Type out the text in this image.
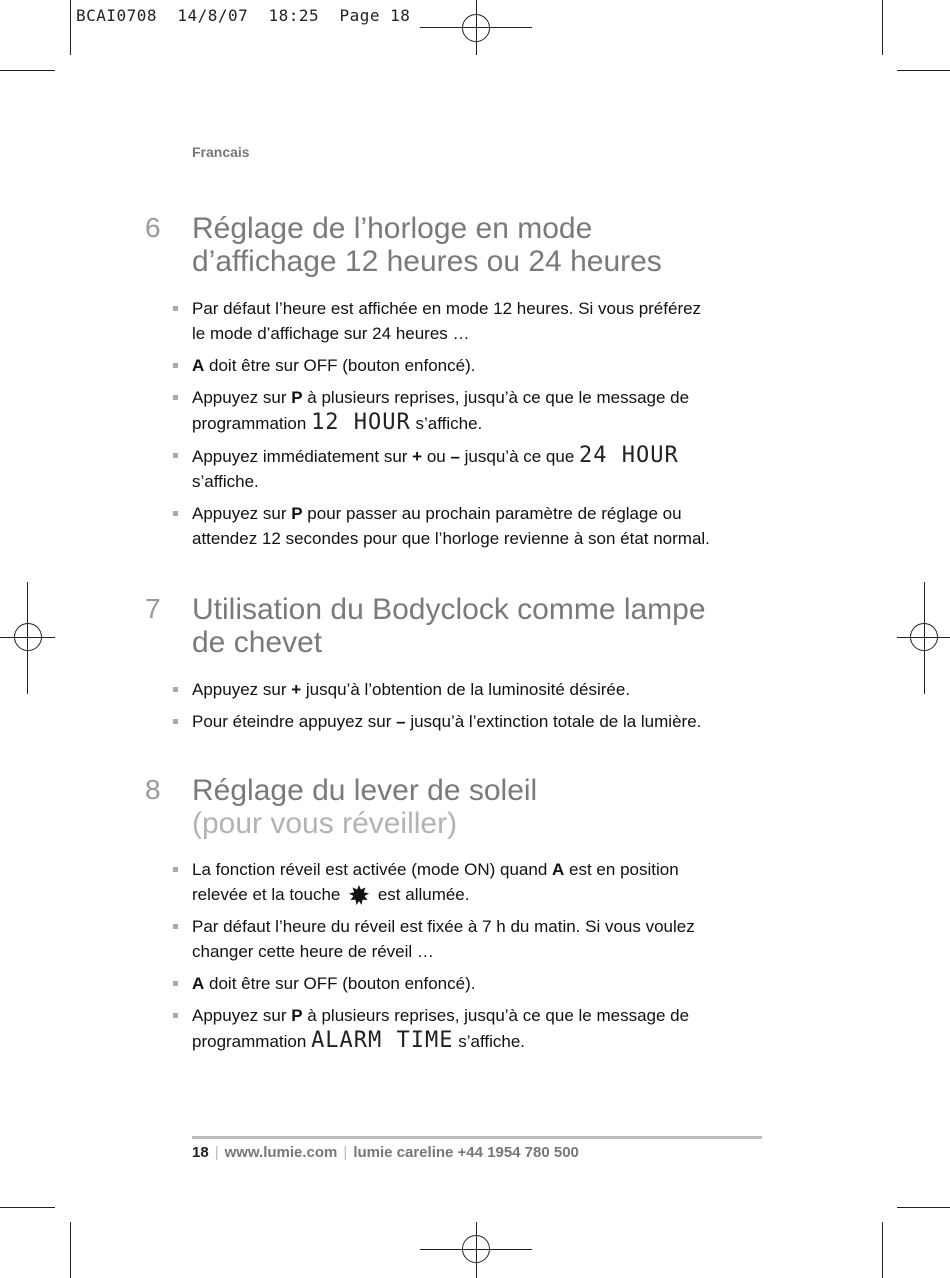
BCAI0708  14/8/07  18:25  Page 18
Francais
6 Réglage de l’horloge en mode
d’affichage 12 heures ou 24 heures
Par défaut l’heure est affichée en mode 12 heures. Si vous préférez
le mode d’affichage sur 24 heures …
A doit être sur OFF (bouton enfoncé).
Appuyez sur P à plusieurs reprises, jusqu’à ce que le message de
programmation 12 HOUR s’affiche.
Appuyez immédiatement sur + ou – jusqu’à ce que 24 HOUR
s’affiche.
Appuyez sur P pour passer au prochain paramètre de réglage ou
attendez 12 secondes pour que l’horloge revienne à son état normal.
7 Utilisation du Bodyclock comme lampe
de chevet
Appuyez sur + jusqu’à l’obtention de la luminosité désirée.
Pour éteindre appuyez sur – jusqu’à l’extinction totale de la lumière.
8 Réglage du lever de soleil
(pour vous réveiller)
La fonction réveil est activée (mode ON) quand A est en position
relevée et la touche  est allumée.
Par défaut l’heure du réveil est fixée à 7 h du matin. Si vous voulez
changer cette heure de réveil …
A doit être sur OFF (bouton enfoncé).
Appuyez sur P à plusieurs reprises, jusqu’à ce que le message de
programmation ALARM TIME s’affiche.
18 | www.lumie.com | lumie careline +44 1954 780 500
